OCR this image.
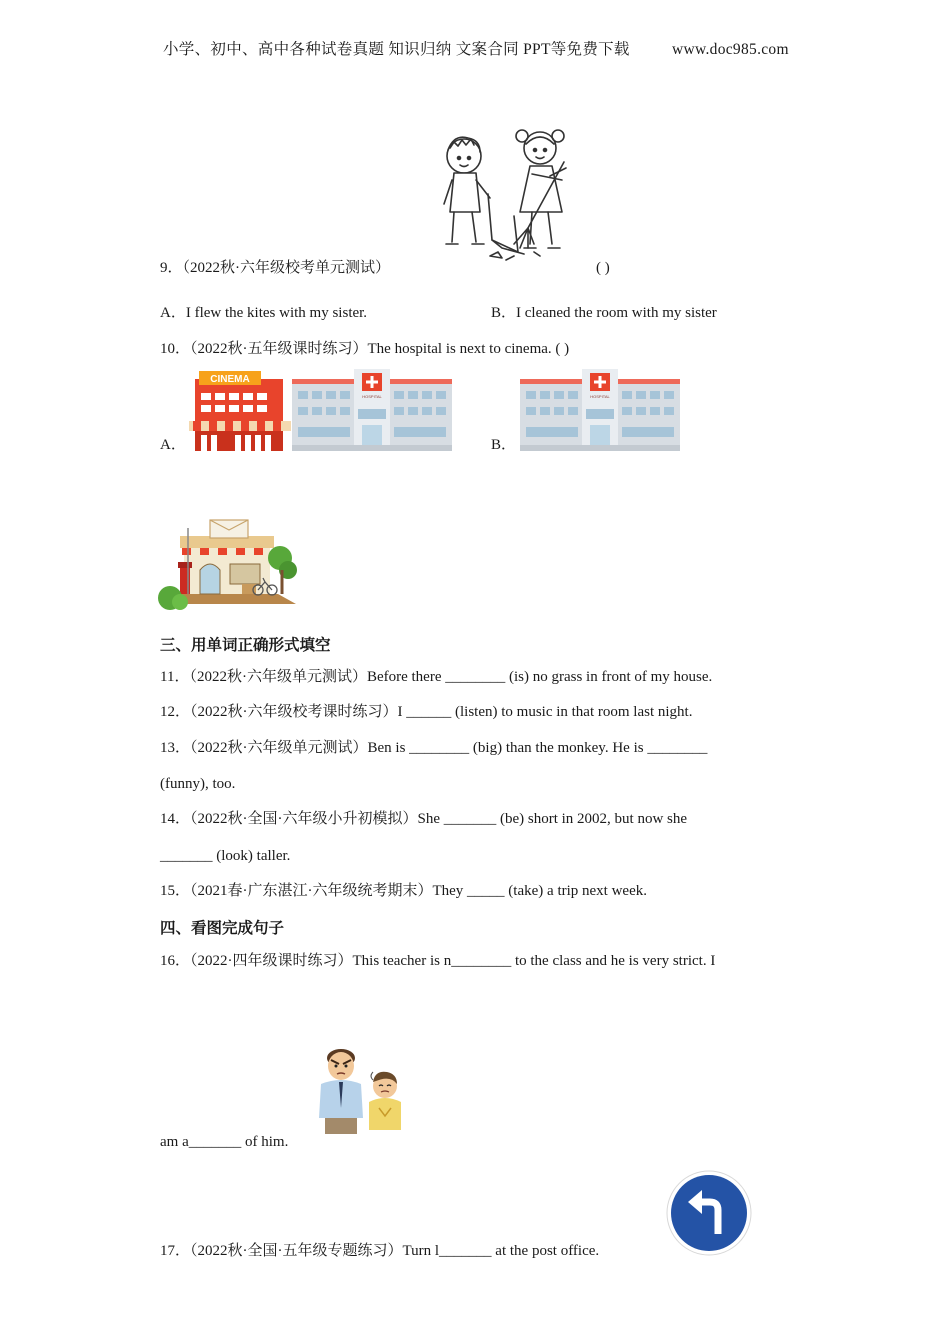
小学、初中、高中各种试卷真题 知识归纳 文案合同 PPT等免费下载	www.doc985.com
9．（2022秋·六年级校考单元测试）	( )
A．I flew the kites with my sister.	B．I cleaned the room with my sister
10．（2022秋·五年级课时练习）The hospital is next to cinema. ( )
A．
CINEMA
HOSPITAL
B．
HOSPITAL
三、用单词正确形式填空
11．（2022秋·六年级单元测试）Before there ________ (is) no grass in front of my house.
12．（2022秋·六年级校考课时练习）I ______ (listen) to music in that room last night.
13．（2022秋·六年级单元测试）Ben is ________ (big) than the monkey. He is ________
(funny), too.
14．（2022秋·全国·六年级小升初模拟）She _______ (be) short in 2002, but now she
_______ (look) taller.
15．（2021春·广东湛江·六年级统考期末）They _____ (take) a trip next week.
四、看图完成句子
16．（2022·四年级课时练习）This teacher is n________ to the class and he is very strict. I
am a_______ of him.
17．（2022秋·全国·五年级专题练习）Turn l_______ at the post office.
